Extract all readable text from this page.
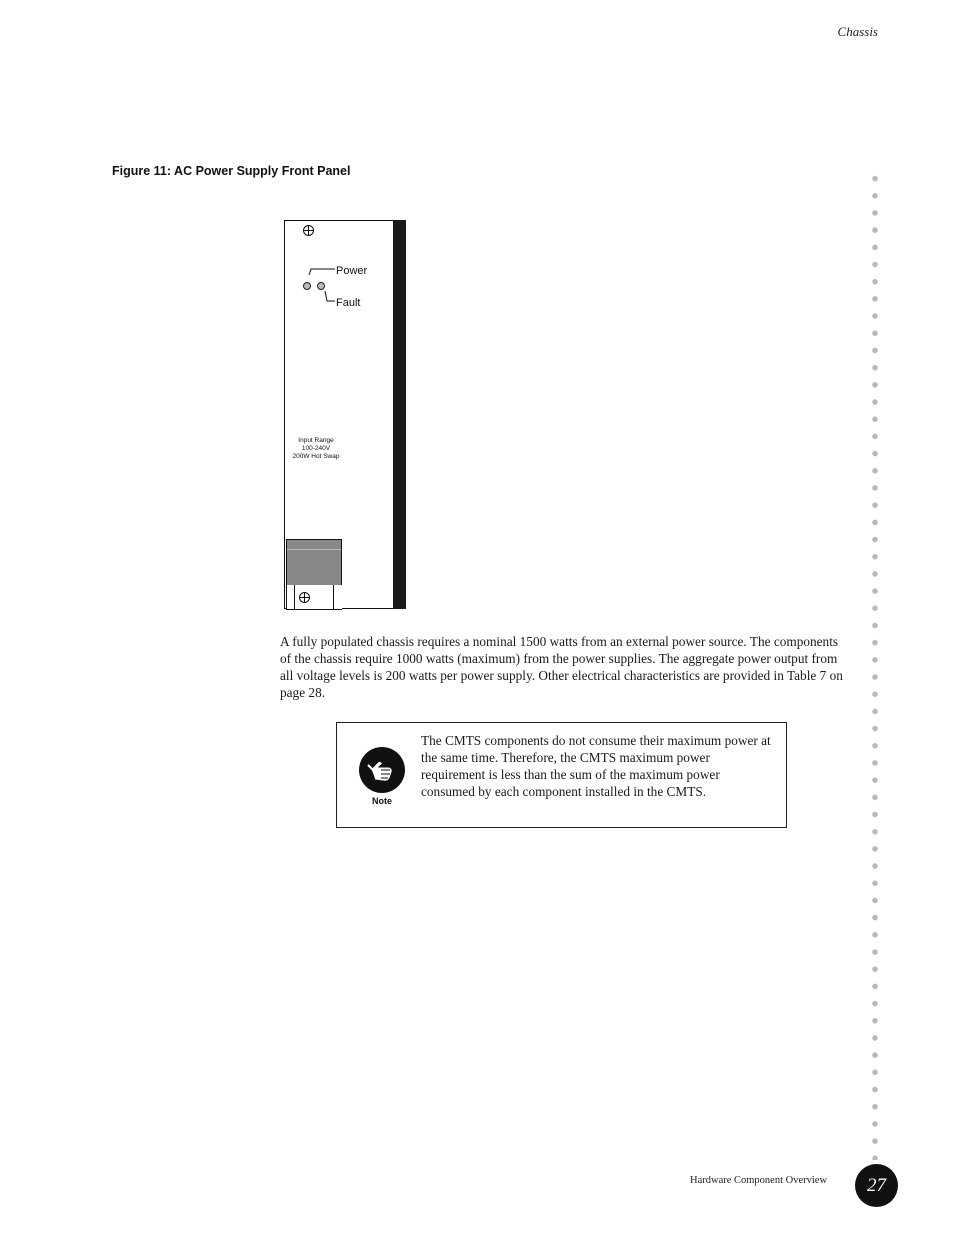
Chassis
Figure 11: AC Power Supply Front Panel
Power
Fault
Input Range
100-240V
200W Hot Swap
A fully populated chassis requires a nominal 1500 watts from an external power source. The components of the chassis require 1000 watts (maximum) from the power supplies. The aggregate power output from all voltage levels is 200 watts per power supply. Other electrical characteristics are provided in Table 7 on page 28.
Note
The CMTS components do not consume their maximum power at the same time. Therefore, the CMTS maximum power requirement is less than the sum of the maximum power consumed by each component installed in the CMTS.
Hardware Component Overview	27
